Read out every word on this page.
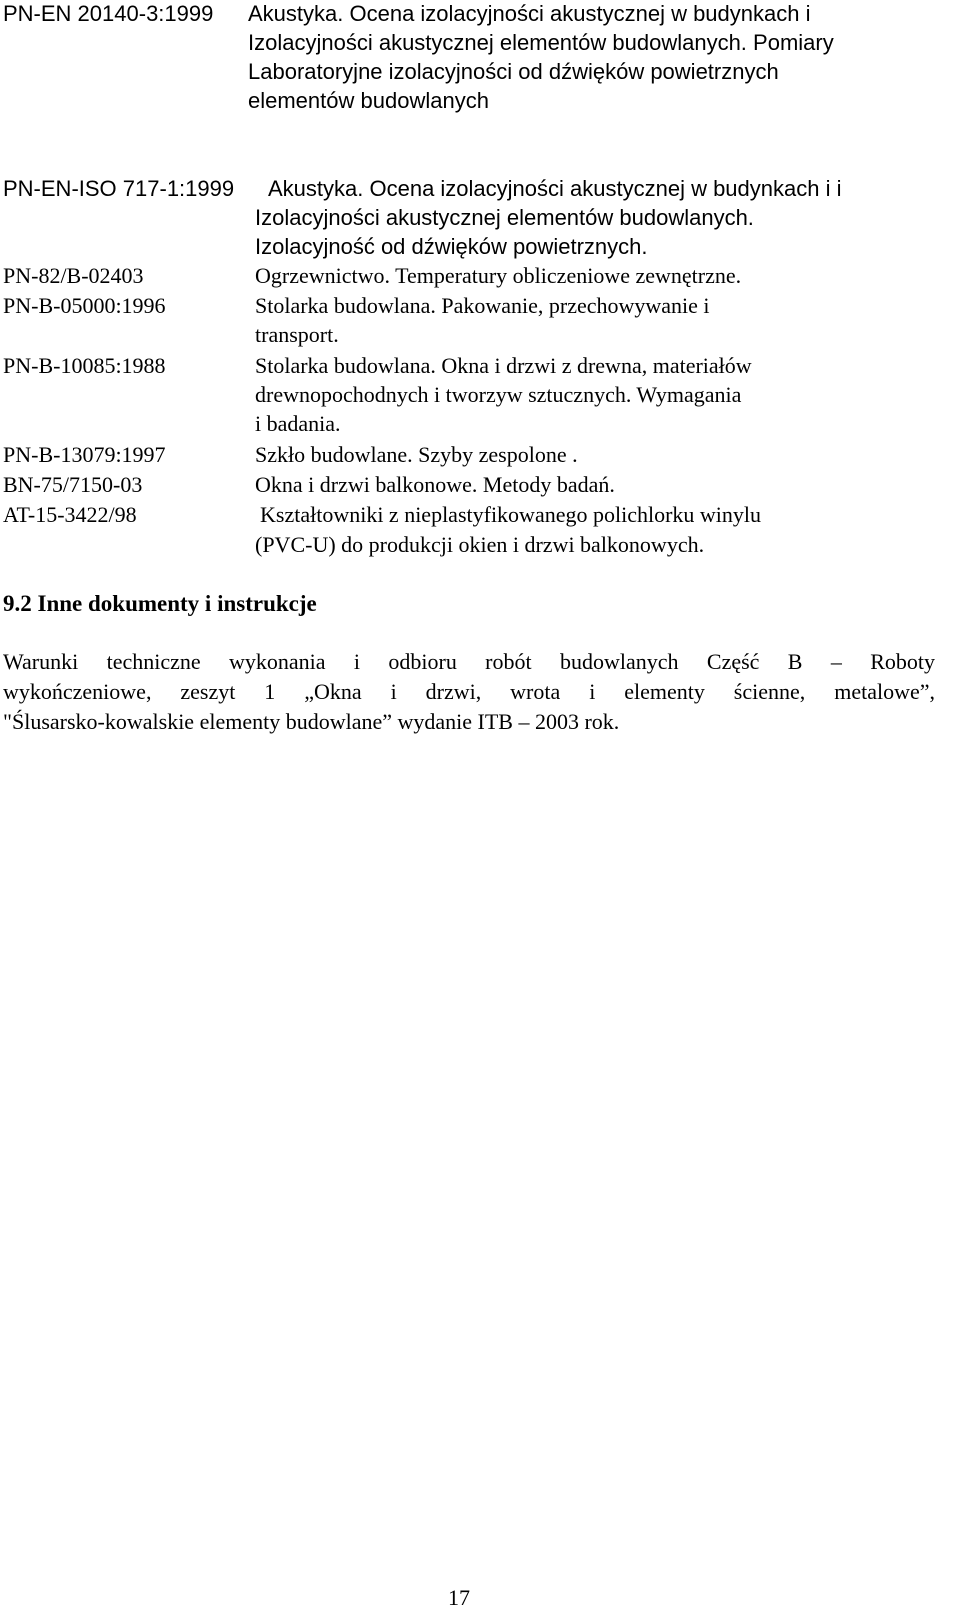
PN-EN 20140-3:1999 Akustyka. Ocena izolacyjności akustycznej w budynkach i
Izolacyjności akustycznej elementów budowlanych. Pomiary
Laboratoryjne izolacyjności od dźwięków powietrznych
elementów budowlanych
PN-EN-ISO 717-1:1999 Akustyka. Ocena izolacyjności akustycznej w budynkach i i
Izolacyjności akustycznej elementów budowlanych.
Izolacyjność od dźwięków powietrznych.
PN-82/B-02403	Ogrzewnictwo. Temperatury obliczeniowe zewnętrzne.
PN-B-05000:1996	Stolarka budowlana. Pakowanie, przechowywanie i
transport.
PN-B-10085:1988	Stolarka budowlana. Okna i drzwi z drewna, materiałów
drewnopochodnych i tworzyw sztucznych. Wymagania
i badania.
PN-B-13079:1997	Szkło budowlane. Szyby zespolone .
BN-75/7150-03	Okna i drzwi balkonowe. Metody badań.
AT-15-3422/98	Kształtowniki z nieplastyfikowanego polichlorku winylu
(PVC-U) do produkcji okien i drzwi balkonowych.
9.2 Inne dokumenty i instrukcje
Warunki techniczne wykonania i odbioru robót budowlanych Część B – Roboty
wykończeniowe, zeszyt 1 „Okna i drzwi, wrota i elementy ścienne, metalowe”,
"Ślusarsko-kowalskie elementy budowlane” wydanie ITB – 2003 rok.
17
